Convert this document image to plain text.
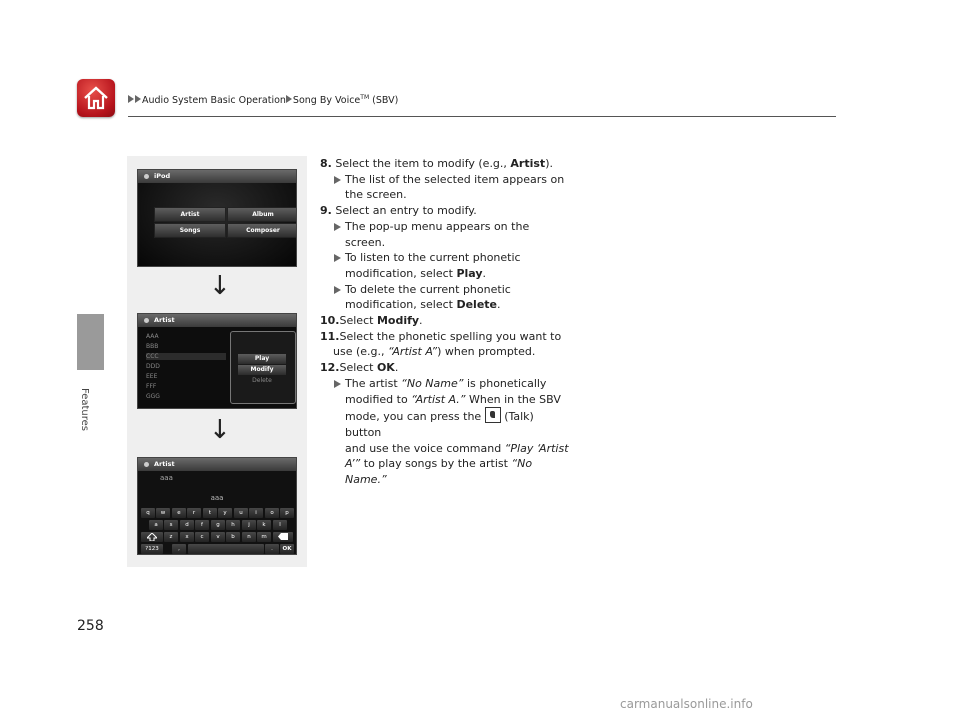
Audio System Basic Operation Song By Voice™ (SBV)
Features
258
iPod
Artist	Album
Songs	Composer
↓
Artist
AAA
BBB
CCC
DDD
EEE
FFF
GGG
Play
Modify
Delete
↓
Artist
aaa
aaa
q	w	e	r	t	y	u	i	o	p
a	s	d	f	g	h	j	k	l
z	x	c	v	b	n	m
?123	,	.	OK

8. Select the item to modify (e.g., Artist).

The list of the selected item appears on
the screen.

9. Select an entry to modify.

The pop-up menu appears on the screen.

To listen to the current phonetic
modification, select Play.

To delete the current phonetic
modification, select Delete.

10.Select Modify.

11.Select the phonetic spelling you want to

use (e.g., “Artist A”) when prompted.

12.Select OK.

The artist “No Name” is phonetically
modified to “Artist A.” When in the SBV
mode, you can press the  (Talk) button
and use the voice command “Play ‘Artist
A’” to play songs by the artist “No
Name.”

carmanualsonline.info
